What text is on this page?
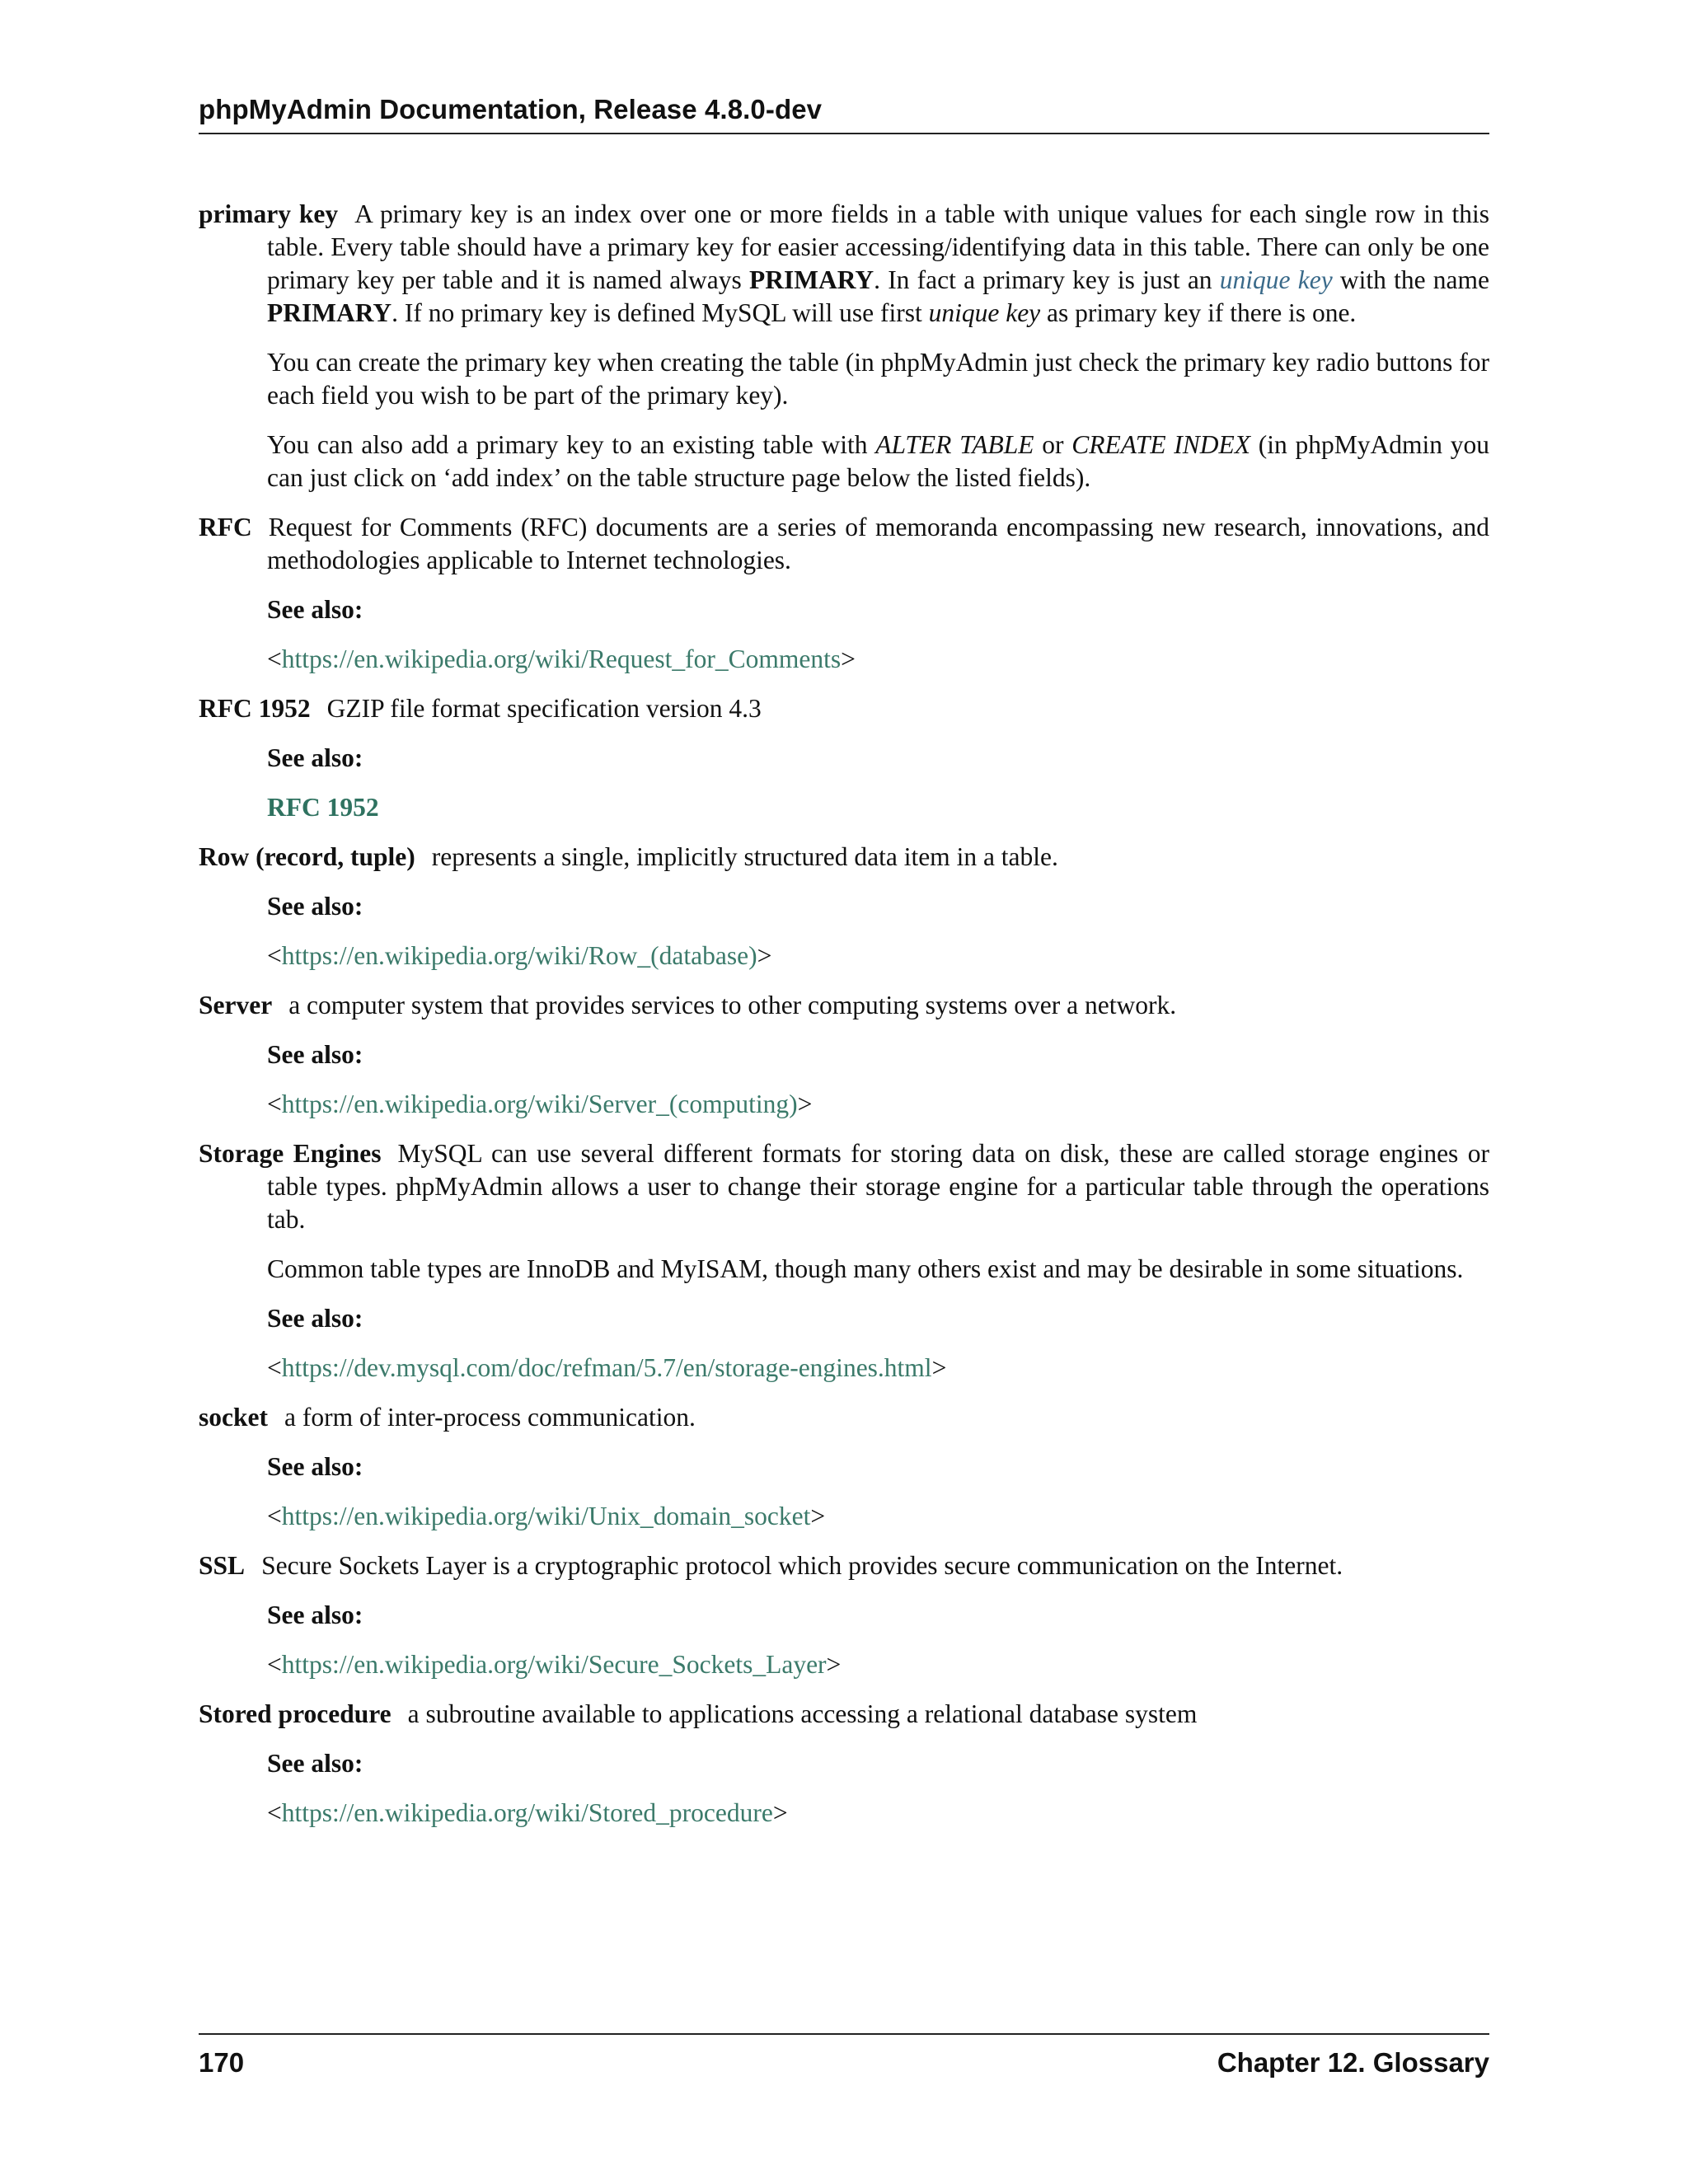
phpMyAdmin Documentation, Release 4.8.0-dev
primary key A primary key is an index over one or more fields in a table with unique values for each single row in this table. Every table should have a primary key for easier accessing/identifying data in this table. There can only be one primary key per table and it is named always PRIMARY. In fact a primary key is just an unique key with the name PRIMARY. If no primary key is defined MySQL will use first unique key as primary key if there is one.
You can create the primary key when creating the table (in phpMyAdmin just check the primary key radio buttons for each field you wish to be part of the primary key).
You can also add a primary key to an existing table with ALTER TABLE or CREATE INDEX (in phpMyAdmin you can just click on ‘add index’ on the table structure page below the listed fields).
RFC Request for Comments (RFC) documents are a series of memoranda encompassing new research, innovations, and methodologies applicable to Internet technologies.
See also:
<https://en.wikipedia.org/wiki/Request_for_Comments>
RFC 1952 GZIP file format specification version 4.3
See also:
RFC 1952
Row (record, tuple) represents a single, implicitly structured data item in a table.
See also:
<https://en.wikipedia.org/wiki/Row_(database)>
Server a computer system that provides services to other computing systems over a network.
See also:
<https://en.wikipedia.org/wiki/Server_(computing)>
Storage Engines MySQL can use several different formats for storing data on disk, these are called storage engines or table types. phpMyAdmin allows a user to change their storage engine for a particular table through the operations tab.
Common table types are InnoDB and MyISAM, though many others exist and may be desirable in some situations.
See also:
<https://dev.mysql.com/doc/refman/5.7/en/storage-engines.html>
socket a form of inter-process communication.
See also:
<https://en.wikipedia.org/wiki/Unix_domain_socket>
SSL Secure Sockets Layer is a cryptographic protocol which provides secure communication on the Internet.
See also:
<https://en.wikipedia.org/wiki/Secure_Sockets_Layer>
Stored procedure a subroutine available to applications accessing a relational database system
See also:
<https://en.wikipedia.org/wiki/Stored_procedure>
170	Chapter 12. Glossary
